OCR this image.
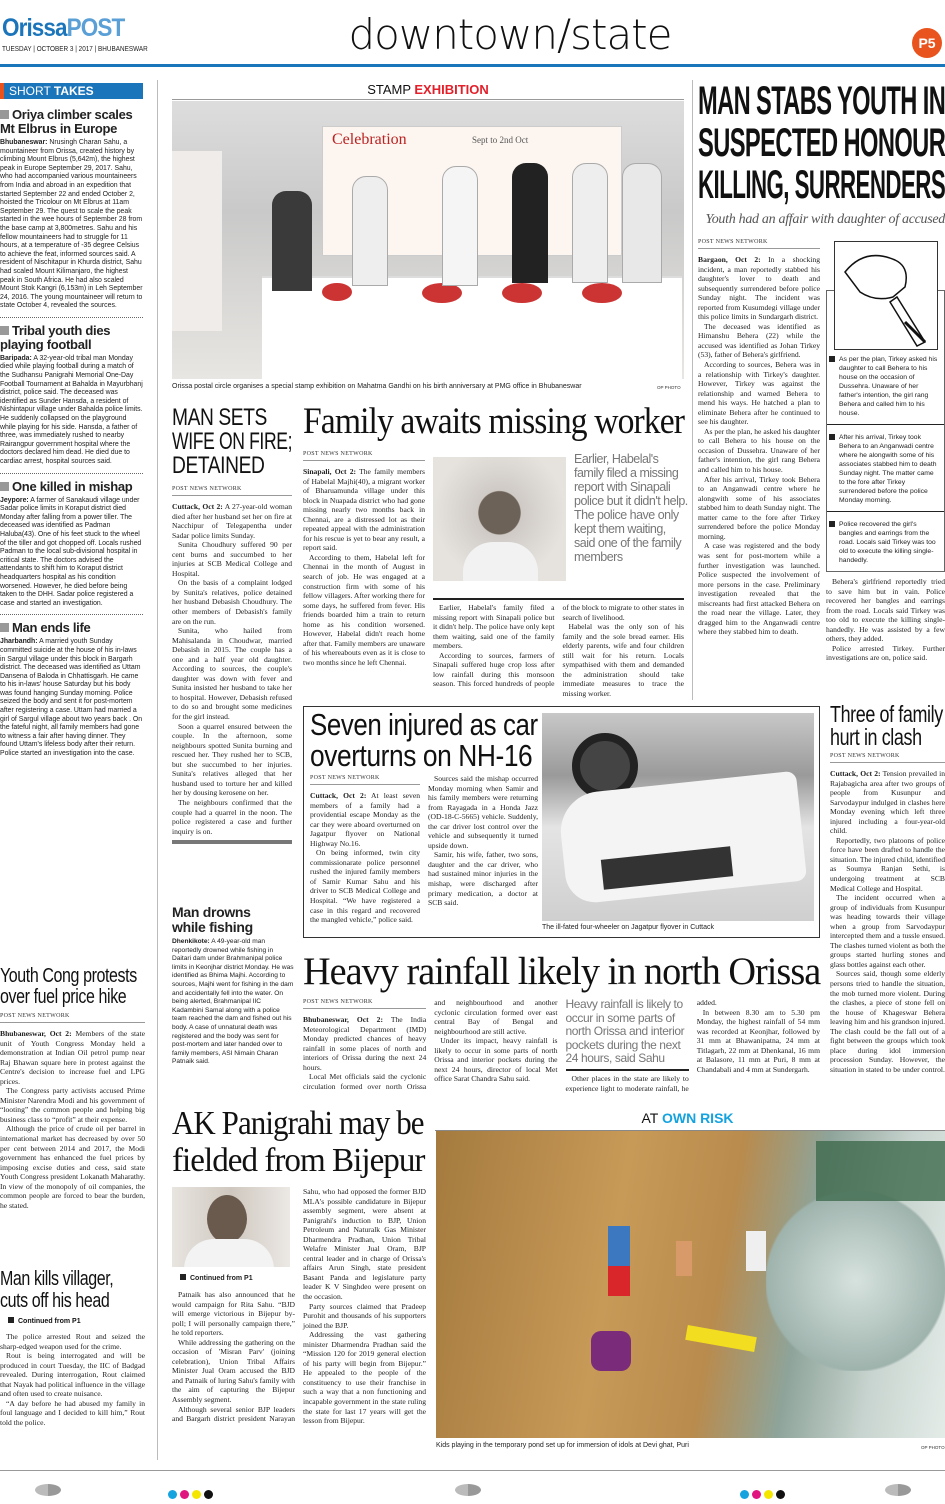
OrissaPOST
TUESDAY | OCTOBER 3 | 2017 | BHUBANESWAR	downtown/state	P5
SHORT TAKES
Oriya climber scales Mt Elbrus in Europe

Bhubaneswar: Nrusingh Charan Sahu, a mountaineer from Orissa, created history by climbing Mount Elbrus (5,642m), the highest peak in Europe September 29, 2017. Sahu, who had accompanied various mountaineers from India and abroad in an expedition that started September 22 and ended October 2, hoisted the Tricolour on Mt Elbrus at 11am September 29. The quest to scale the peak started in the wee hours of September 28 from the base camp at 3,800metres. Sahu and his fellow mountaineers had to struggle for 11 hours, at a temperature of -35 degree Celsius to achieve the feat, informed sources said. A resident of Nischitapur in Khurda district, Sahu had scaled Mount Kilimanjaro, the highest peak in South Africa. He had also scaled Mount Stok Kangri (6,153m) in Leh September 24, 2016. The young mountaineer will return to state October 4, revealed the sources.

Tribal youth dies playing football

Baripada: A 32-year-old tribal man Monday died while playing football during a match of the Sudhansu Panigrahi Memorial One-Day Football Tournament at Bahalda in Mayurbhanj district, police said. The deceased was identified as Sunder Hansda, a resident of Nishintapur village under Bahalda police limits. He suddenly collapsed on the playground while playing for his side. Hansda, a father of three, was immediately rushed to nearby Rairangpur government hospital where the doctors declared him dead. He died due to cardiac arrest, hospital sources said.

One killed in mishap

Jeypore: A farmer of Sanakaudi village under Sadar police limits in Koraput district died Monday after falling from a power tiller. The deceased was identified as Padman Haluba(43). One of his feet stuck to the wheel of the tiller and got chopped off. Locals rushed Padman to the local sub-divisional hospital in critical state. The doctors advised the attendants to shift him to Koraput district headquarters hospital as his condition worsened. However, he died before being taken to the DHH. Sadar police registered a case and started an investigation.

Man ends life

Jharbandh: A married youth Sunday committed suicide at the house of his in-laws in Sargul village under this block in Bargarh district. The deceased was identified as Uttam Dansena of Baloda in Chhattisgarh. He came to his in-laws' house Saturday but his body was found hanging Sunday morning. Police seized the body and sent it for post-mortem after registering a case. Uttam had married a girl of Sargul village about two years back . On the fateful night, all family members had gone to witness a fair after having dinner. They found Uttam's lifeless body after their return. Police started an investigation into the case.

Youth Cong protests over fuel price hike
POST NEWS NETWORK

Bhubaneswar, Oct 2: Members of the state unit of Youth Congress Monday held a demonstration at Indian Oil petrol pump near Raj Bhawan square here in protest against the Centre's decision to increase fuel and LPG prices.

The Congress party activists accused Prime Minister Narendra Modi and his government of “looting” the common people and helping big business class to “profit” at their expense.

Although the price of crude oil per barrel in international market has decreased by over 50 per cent between 2014 and 2017, the Modi government has enhanced the fuel prices by imposing excise duties and cess, said state Youth Congress president Lokanath Maharathy. In view of the monopoly of oil companies, the common people are forced to bear the burden, he stated.

Man kills villager,
cuts off his head
Continued from P1

The police arrested Rout and seized the sharp-edged weapon used for the crime.

Rout is being interrogated and will be produced in court Tuesday, the IIC of Badgad revealed. During interrogation, Rout claimed that Nayak had political influence in the village and often used to create nuisance.

“A day before he had abused my family in foul language and I decided to kill him,” Rout told the police.

STAMP EXHIBITION
Celebration	Sept to 2nd Oct
Orissa postal circle organises a special stamp exhibition on Mahatma Gandhi on his birth anniversary at PMG office in Bhubaneswar	OP PHOTO
MAN SETS
WIFE ON FIRE;
DETAINED
POST NEWS NETWORK

Cuttack, Oct 2: A 27-year-old woman died after her husband set her on fire at Nacchipur of Telegapentha under Sadar police limits Sunday.

Sunita Choudhury suffered 90 per cent burns and succumbed to her injuries at SCB Medical College and Hospital.

On the basis of a complaint lodged by Sunita's relatives, police detained her husband Debasish Choudhury. The other members of Debasish's family are on the run.

Sunita, who hailed from Mahisalanda in Choudwar, married Debasish in 2015. The couple has a one and a half year old daughter. According to sources, the couple's daughter was down with fever and Sunita insisted her husband to take her to hospital. However, Debasish refused to do so and brought some medicines for the girl instead.

Soon a quarrel ensured between the couple. In the afternoon, some neighbours spotted Sunita burning and rescued her. They rushed her to SCB, but she succumbed to her injuries. Sunita's relatives alleged that her husband used to torture her and killed her by dousing kerosene on her.

The neighbours confirmed that the couple had a quarrel in the noon. The police registered a case and further inquiry is on.

Family awaits missing worker
POST NEWS NETWORK

Sinapali, Oct 2: The family members of Habelal Majhi(40), a migrant worker of Bharuamunda village under this block in Nuapada district who had gone missing nearly two months back in Chennai, are a distressed lot as their repeated appeal with the administration for his rescue is yet to bear any result, a report said.

According to them, Habelal left for Chennai in the month of August in search of job. He was engaged at a construction firm with some of his fellow villagers. After working there for some days, he suffered from fever. His friends boarded him a train to return home as his condition worsened. However, Habelal didn't reach home after that. Family members are unaware of his whereabouts even as it is close to two months since he left Chennai.

Earlier, Habelal's family filed a missing report with Sinapali police but it didn't help. The police have only kept them waiting, said one of the family members

Earlier, Habelal's family filed a missing report with Sinapali police but it didn't help. The police have only kept them waiting, said one of the family members.

According to sources, farmers of Sinapali suffered huge crop loss after low rainfall during this monsoon season. This forced hundreds of people of the block to migrate to other states in search of livelihood.

Habelal was the only son of his family and the sole bread earner. His elderly parents, wife and four children still wait for his return. Locals sympathised with them and demanded the administration should take immediate measures to trace the missing worker.

Seven injured as car
overturns on NH-16
POST NEWS NETWORK

Cuttack, Oct 2: At least seven members of a family had a providential escape Monday as the car they were aboard overturned on Jagatpur flyover on National Highway No.16.

On being informed, twin city commissionarate police personnel rushed the injured family members of Samir Kumar Sahu and his driver to SCB Medical College and Hospital. “We have registered a case in this regard and recovered the mangled vehicle,” police said.

Sources said the mishap occurred Monday morning when Samir and his family members were returning from Rayagada in a Honda Jazz (OD-18-C-5665) vehicle. Suddenly, the car driver lost control over the vehicle and subsequently it turned upside down.

Samir, his wife, father, two sons, daughter and the car driver, who had sustained minor injuries in the mishap, were discharged after primary medication, a doctor at SCB said.

The ill-fated four-wheeler on Jagatpur flyover in Cuttack
Man drowns
while fishing

Dhenkikote: A 49-year-old man reportedly drowned while fishing in Daitari dam under Brahmanipal police limits in Keonjhar district Monday. He was identified as Bhima Majhi. According to sources, Majhi went for fishing in the dam and accidentally fell into the water. On being alerted, Brahmanipal IIC Kadambini Samal along with a police team reached the dam and fished out his body. A case of unnatural death was registered and the body was sent for post-mortem and later handed over to family members, ASI Nimain Charan Patnaik said.

Heavy rainfall likely in north Orissa
POST NEWS NETWORK

Bhubaneswar, Oct 2: The India Meteorological Department (IMD) Monday predicted chances of heavy rainfall in some places of north and interiors of Orissa during the next 24 hours.

Local Met officials said the cyclonic circulation formed over north Orissa and neighbourhood and another cyclonic circulation formed over east central Bay of Bengal and neighbourhood are still active.

Under its impact, heavy rainfall is likely to occur in some parts of north Orissa and interior pockets during the next 24 hours, director of local Met office Sarat Chandra Sahu said.

Heavy rainfall is likely to occur in some parts of north Orissa and interior pockets during the next 24 hours, said Sahu

Other places in the state are likely to experience light to moderate rainfall, he added.

In between 8.30 am to 5.30 pm Monday, the highest rainfall of 54 mm was recorded at Keonjhar, followed by 31 mm at Bhawanipatna, 24 mm at Titlagarh, 22 mm at Dhenkanal, 16 mm at Balasore, 11 mm at Puri, 8 mm at Chandabali and 4 mm at Sundergarh.

AK Panigrahi may be
fielded from Bijepur
Continued from P1

Patnaik has also announced that he would campaign for Rita Sahu. “BJD will emerge victorious in Bijepur by-poll; I will personally campaign there,” he told reporters.

While addressing the gathering on the occasion of 'Misran Parv' (joining celebration), Union Tribal Affairs Minister Jual Oram accused the BJD and Patnaik of luring Sahu's family with the aim of capturing the Bijepur Assembly segment.

Although several senior BJP leaders and Bargarh district president Narayan Sahu, who had opposed the former BJD MLA's possible candidature in Bijepur assembly segment, were absent at Panigrahi's induction to BJP, Union Petroleum and Naturalk Gas Minister Dharmendra Pradhan, Union Tribal Welafre Minister Jual Oram, BJP central leader and in charge of Orissa's affairs Arun Singh, state president Basant Panda and legislature party leader K V Singhdeo were present on the occasion.

Party sources claimed that Pradeep Purohit and thousands of his supporters joined the BJP.

Addressing the vast gathering minister Dharmendra Pradhan said the “Mission 120 for 2019 general election of his party will begin from Bijepur.” He appealed to the people of the constituency to use their franchise in such a way that a non functioning and incapable government in the state ruling the state for last 17 years will get the lesson from Bijepur.

AT OWN RISK
Kids playing in the temporary pond set up for immersion of idols at Devi ghat, Puri	OP PHOTO
MAN STABS YOUTH IN
SUSPECTED HONOUR
KILLING, SURRENDERS
Youth had an affair with daughter of accused
POST NEWS NETWORK

Bargaon, Oct 2: In a shocking incident, a man reportedly stabbed his daughter's lover to death and subsequently surrendered before police Sunday night. The incident was reported from Kusumdegi village under this police limits in Sundargarh district.

The deceased was identified as Himanshu Behera (22) while the accused was identified as Johan Tirkey (53), father of Behera's girlfriend.

According to sources, Behera was in a relationship with Tirkey's daughter. However, Tirkey was against the relationship and warned Behera to mend his ways. He hatched a plan to eliminate Behera after he continued to see his daughter.

As per the plan, he asked his daughter to call Behera to his house on the occasion of Dussehra. Unaware of her father's intention, the girl rang Behera and called him to his house.

After his arrival, Tirkey took Behera to an Anganwadi centre where he alongwith some of his associates stabbed him to death Sunday night. The matter came to the fore after Tirkey surrendered before the police Monday morning.

A case was registered and the body was sent for post-mortem while a further investigation was launched. Police suspected the involvement of more persons in the case. Preliminary investigation revealed that the miscreants had first attacked Behera on the road near the village. Later, they dragged him to the Anganwadi centre where they stabbed him to death.

As per the plan, Tirkey asked his daughter to call Behera to his house on the occasion of Dussehra. Unaware of her father's intention, the girl rang Behera and called him to his house.

After his arrival, Tirkey took Behera to an Anganwadi centre where he alongwith some of his associates stabbed him to death Sunday night. The matter came to the fore after Tirkey surrendered before the police Monday morning.

Police recovered the girl's bangles and earrings from the road. Locals said Tirkey was too old to execute the killing single-handedly.

Behera's girlfriend reportedly tried to save him but in vain. Police recovered her bangles and earrings from the road. Locals said Tirkey was too old to execute the killing single-handedly. He was assisted by a few others, they added.

Police arrested Tirkey. Further investigations are on, police said.

Three of family
hurt in clash
POST NEWS NETWORK

Cuttack, Oct 2: Tension prevailed in Rajabagicha area after two groups of people from Kusunpur and Sarvodaypur indulged in clashes here Monday evening which left three injured including a four-year-old child.

Reportedly, two platoons of police force have been drafted to handle the situation. The injured child, identified as Soumya Ranjan Sethi, is undergoing treatment at SCB Medical College and Hospital.

The incident occurred when a group of individuals from Kusunpur was heading towards their village when a group from Sarvodaypur intercepted them and a tussle ensued. The clashes turned violent as both the groups started hurling stones and glass bottles against each other.

Sources said, though some elderly persons tried to handle the situation, the mob turned more violent. During the clashes, a piece of stone fell on the house of Khageswar Behera leaving him and his grandson injured. The clash could be the fall out of a fight between the groups which took place during idol immersion procession Sunday. However, the situation in stated to be under control.
